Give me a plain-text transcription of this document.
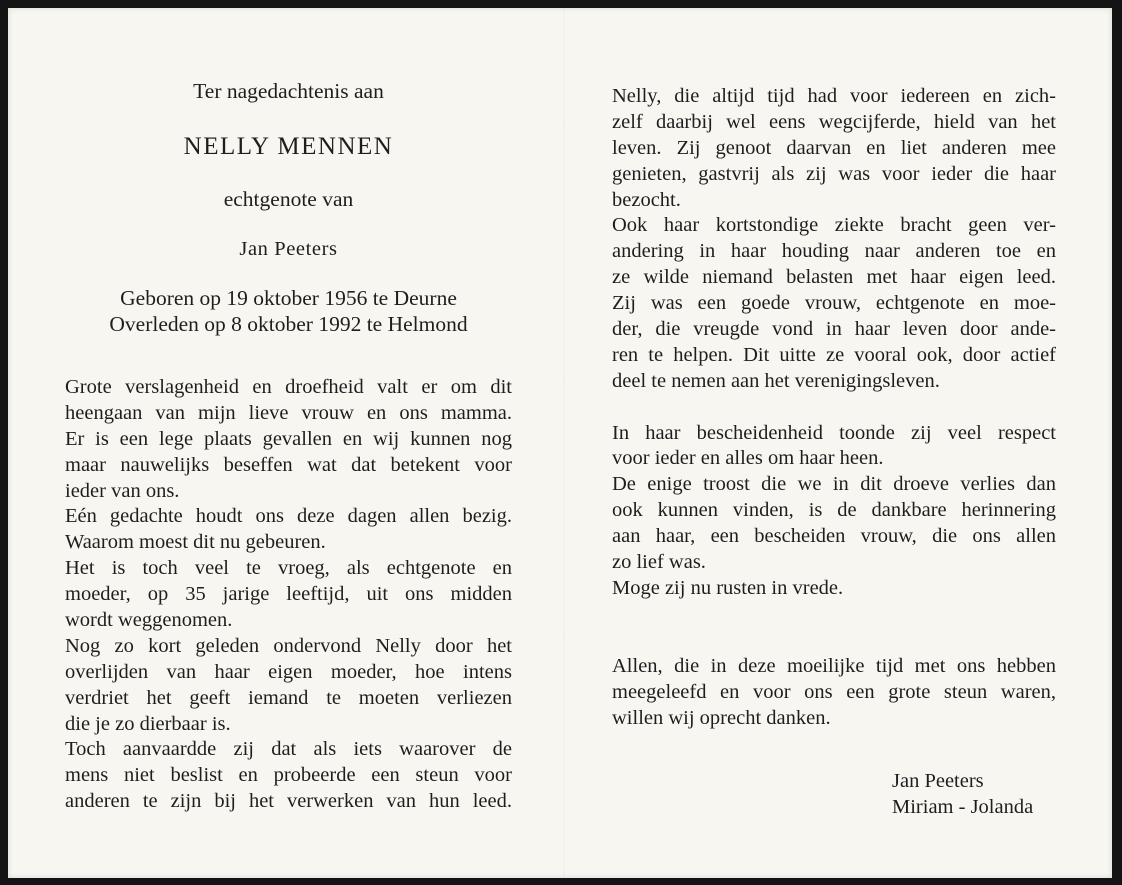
Ter nagedachtenis aan
NELLY MENNEN
echtgenote van
Jan Peeters
Geboren op 19 oktober 1956 te Deurne
Overleden op 8 oktober 1992 te Helmond
Grote verslagenheid en droefheid valt er om dit
heengaan van mijn lieve vrouw en ons mamma.
Er is een lege plaats gevallen en wij kunnen nog
maar nauwelijks beseffen wat dat betekent voor
ieder van ons.
Eén gedachte houdt ons deze dagen allen bezig.
Waarom moest dit nu gebeuren.
Het is toch veel te vroeg, als echtgenote en
moeder, op 35 jarige leeftijd, uit ons midden
wordt weggenomen.
Nog zo kort geleden ondervond Nelly door het
overlijden van haar eigen moeder, hoe intens
verdriet het geeft iemand te moeten verliezen
die je zo dierbaar is.
Toch aanvaardde zij dat als iets waarover de
mens niet beslist en probeerde een steun voor
anderen te zijn bij het verwerken van hun leed.
Nelly, die altijd tijd had voor iedereen en zich-
zelf daarbij wel eens wegcijferde, hield van het
leven. Zij genoot daarvan en liet anderen mee
genieten, gastvrij als zij was voor ieder die haar
bezocht.
Ook haar kortstondige ziekte bracht geen ver-
andering in haar houding naar anderen toe en
ze wilde niemand belasten met haar eigen leed.
Zij was een goede vrouw, echtgenote en moe-
der, die vreugde vond in haar leven door ande-
ren te helpen. Dit uitte ze vooral ook, door actief
deel te nemen aan het verenigingsleven.
In haar bescheidenheid toonde zij veel respect
voor ieder en alles om haar heen.
De enige troost die we in dit droeve verlies dan
ook kunnen vinden, is de dankbare herinnering
aan haar, een bescheiden vrouw, die ons allen
zo lief was.
Moge zij nu rusten in vrede.
Allen, die in deze moeilijke tijd met ons hebben
meegeleefd en voor ons een grote steun waren,
willen wij oprecht danken.
Jan Peeters
Miriam - Jolanda
